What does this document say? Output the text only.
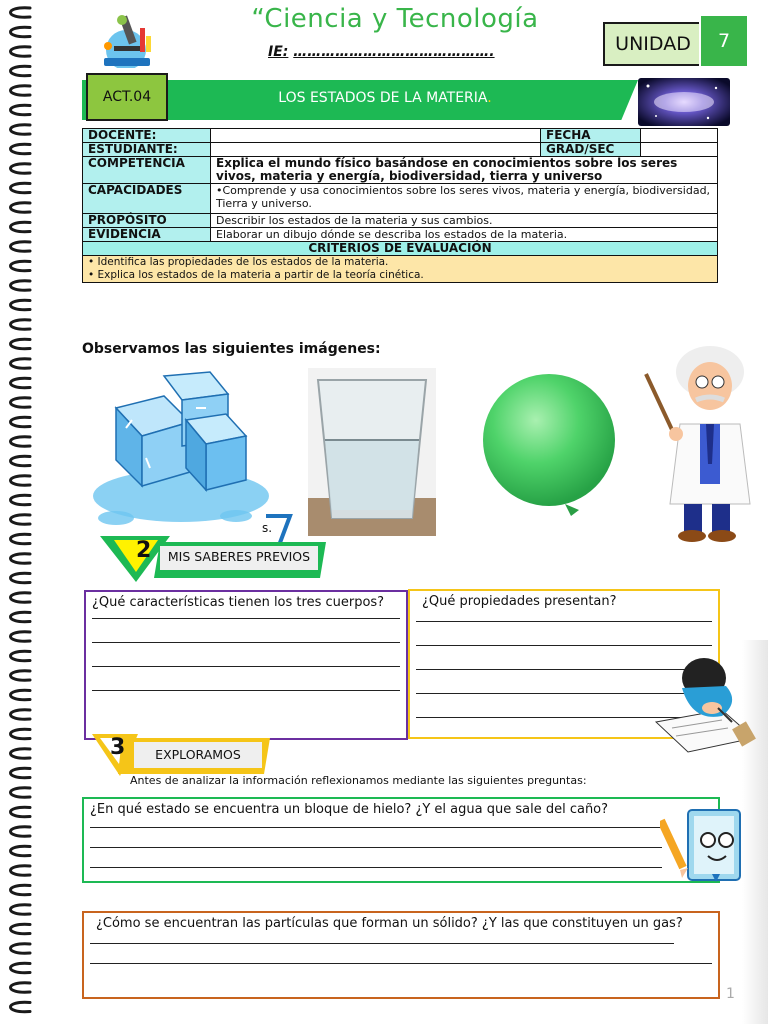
“Ciencia y Tecnología
IE: …………………………………….	UNIDAD	7
ACT.04	LOS ESTADOS DE LA MATERIA.
DOCENTE:		FECHA	
ESTUDIANTE:		GRAD/SEC	
COMPETENCIA	Explica el mundo físico basándose en conocimientos sobre los seres vivos, materia y energía, biodiversidad, tierra y universo		
CAPACIDADES	•Comprende y usa conocimientos sobre los seres vivos, materia y energía, biodiversidad, Tierra y universo.		
PROPÓSITO	Describir los estados de la materia y sus cambios.		
EVIDENCIA	Elaborar un dibujo dónde se describa los estados de la materia.		
CRITERIOS DE EVALUACIÓN			

• Identifica las propiedades de los estados de la materia.
• Explica los estados de la materia a partir de la teoría cinética.			
Observamos las siguientes imágenes:
s.
2	MIS SABERES PREVIOS
¿Qué características tienen los tres cuerpos?	¿Qué propiedades presentan?
3	EXPLORAMOS
Antes de analizar la información reflexionamos mediante las siguientes preguntas:
¿En qué estado se encuentra un bloque de hielo? ¿Y el agua que sale del caño?
¿Cómo se encuentran las partículas que forman un sólido? ¿Y las que constituyen un gas?
1
